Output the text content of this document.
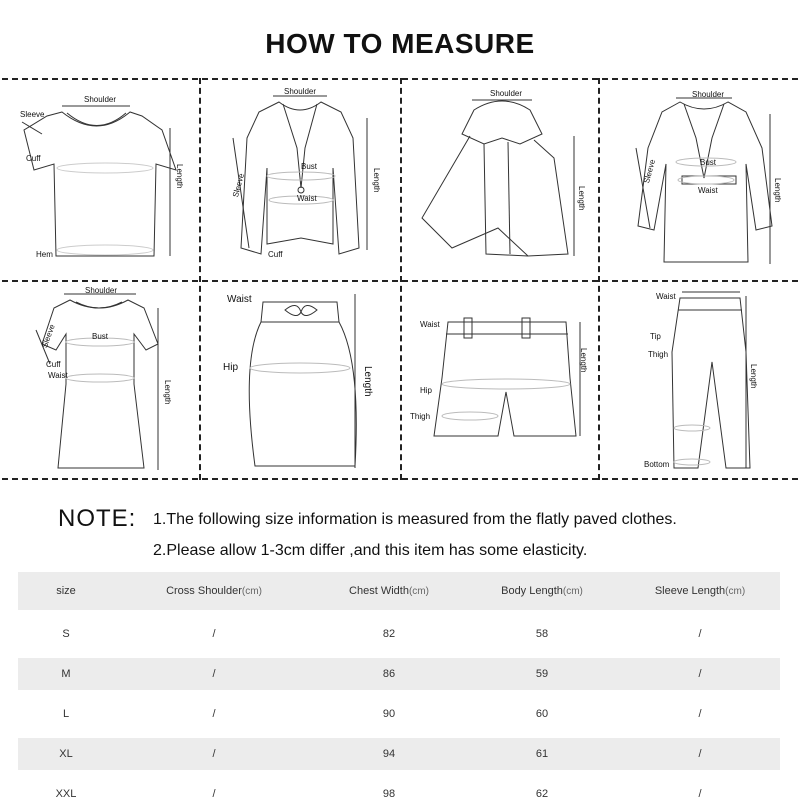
HOW TO MEASURE
Shoulder
Sleeve
Cuff
Hem
Length
Shoulder
Bust
Waist
Cuff
Sleeve	Length
Shoulder
Length
Shoulder
Bust
Waist
Sleeve
Length
Shoulder
Bust
Cuff
Waist
Sleeve
Length
Waist
Hip	Length
Waist
Hip
Thigh
Length
Waist
Tip
Thigh
Bottom
Length
NOTE: 1.The following size information is measured from the flatly paved clothes.
2.Please allow 1-3cm differ ,and this item has some elasticity.
size	Cross Shoulder(cm)	Chest Width(cm)	Body Length(cm)	Sleeve Length(cm)
S	/	82	58	/
M	/	86	59	/
L	/	90	60	/
XL	/	94	61	/
XXL	/	98	62	/
